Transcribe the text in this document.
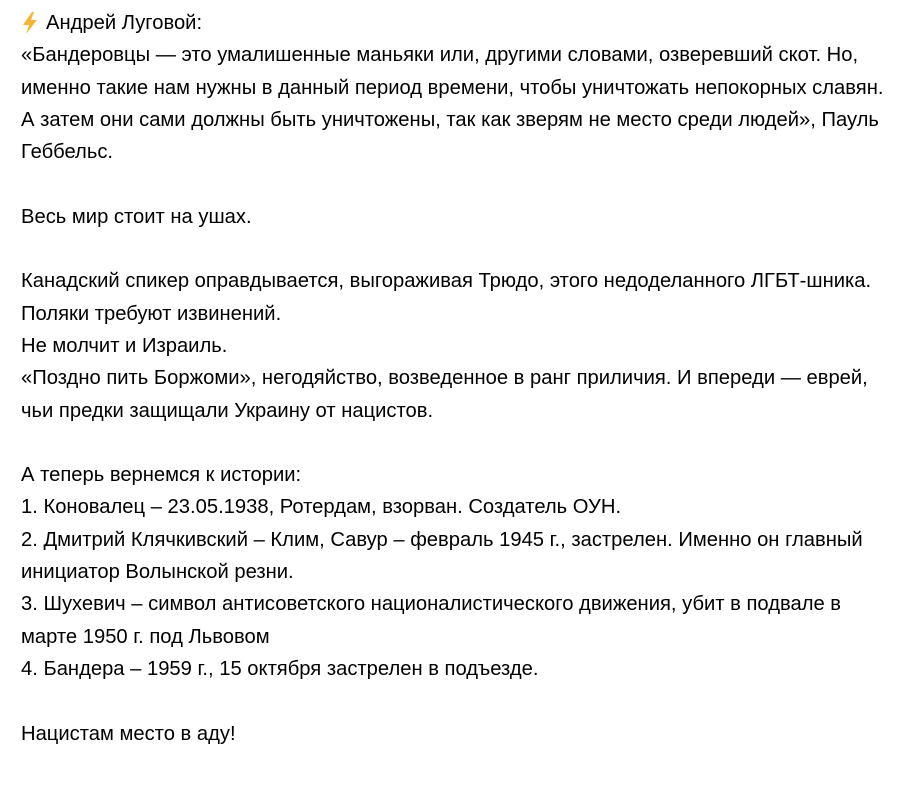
Андрей Луговой:

«Бандеровцы — это умалишенные маньяки или, другими словами, озверевший скот. Но, именно такие нам нужны в данный период времени, чтобы уничтожать непокорных славян. А затем они сами должны быть уничтожены, так как зверям не место среди людей», Пауль Геббельс.

Весь мир стоит на ушах.

Канадский спикер оправдывается, выгораживая Трюдо, этого недоделанного ЛГБТ-шника.

Поляки требуют извинений.

Не молчит и Израиль.

«Поздно пить Боржоми», негодяйство, возведенное в ранг приличия. И впереди — еврей, чьи предки защищали Украину от нацистов.

А теперь вернемся к истории:

1. Коновалец – 23.05.1938, Ротердам, взорван. Создатель ОУН.

2. Дмитрий Клячкивский – Клим, Савур – февраль 1945 г., застрелен. Именно он главный инициатор Волынской резни.

3. Шухевич – символ антисоветского националистического движения, убит в подвале в марте 1950 г. под Львовом

4. Бандера – 1959 г., 15 октября застрелен в подъезде.

Нацистам место в аду!
